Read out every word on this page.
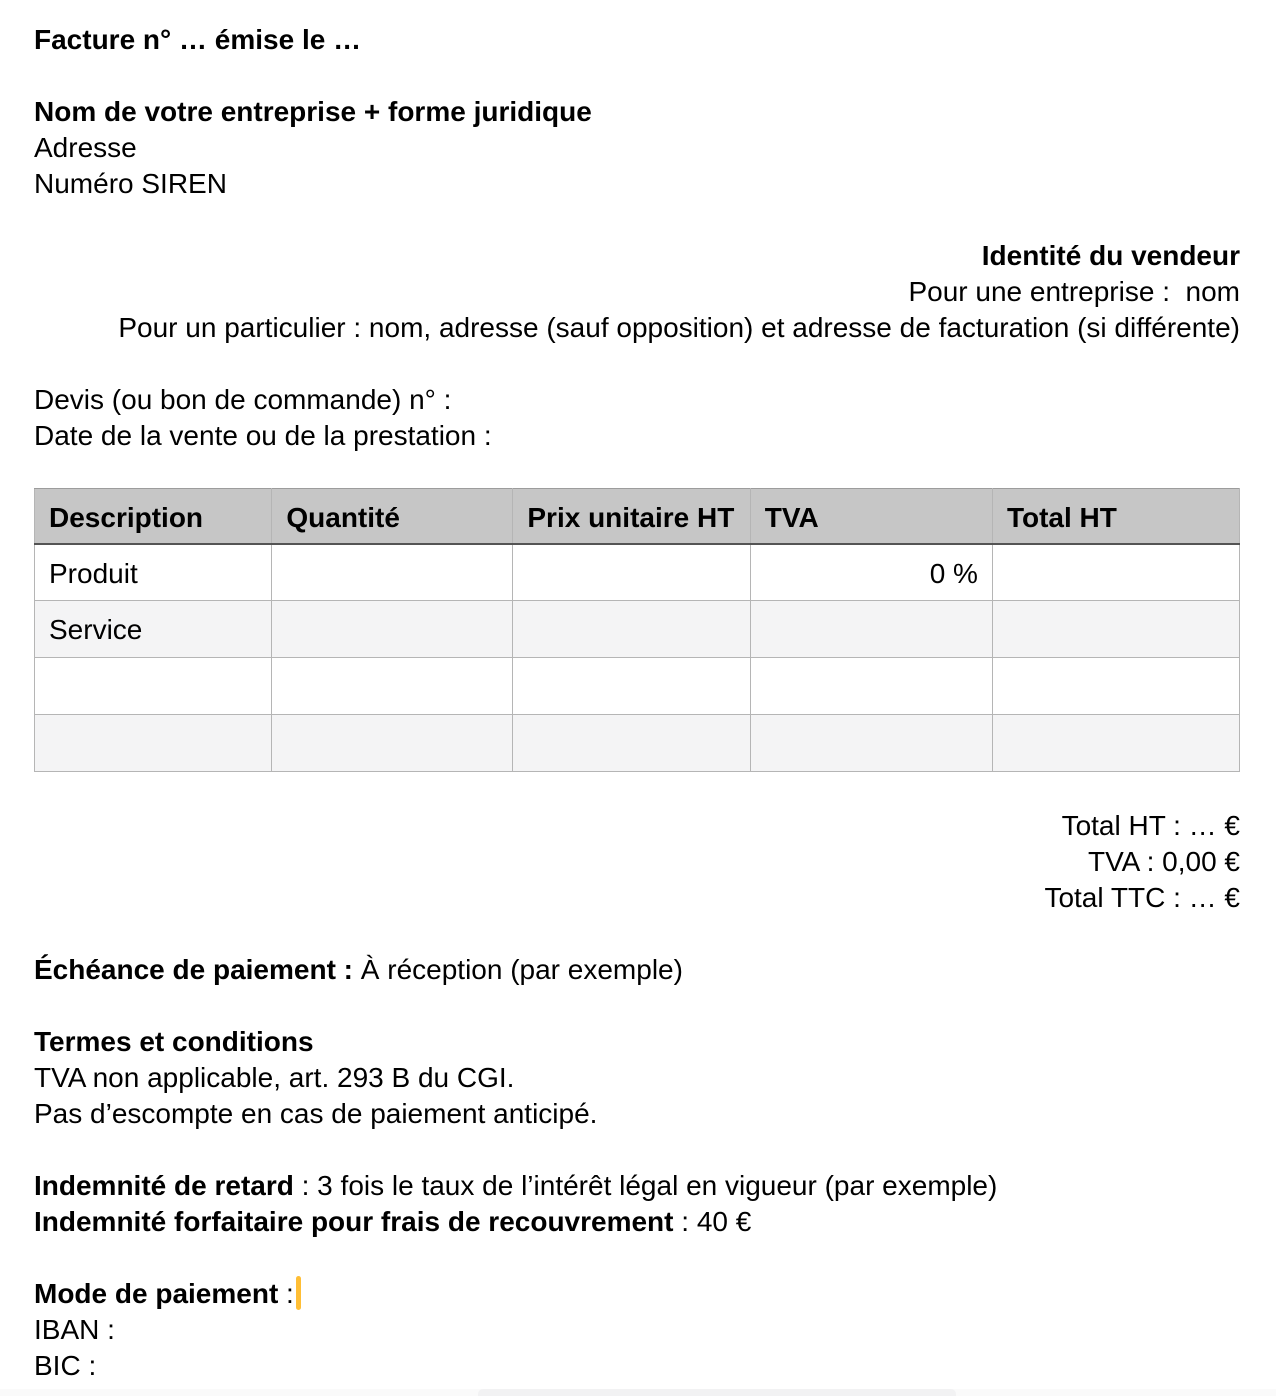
Facture n° … émise le …
Nom de votre entreprise + forme juridique
Adresse
Numéro SIREN
Identité du vendeur
Pour une entreprise :  nom
Pour un particulier : nom, adresse (sauf opposition) et adresse de facturation (si différente)
Devis (ou bon de commande) n° :
Date de la vente ou de la prestation :
Description	Quantité	Prix unitaire HT	TVA	Total HT
Produit			0 %	
Service				

Total HT : … €
TVA : 0,00 €
Total TTC : … €
Échéance de paiement : À réception (par exemple)
Termes et conditions
TVA non applicable, art. 293 B du CGI.
Pas d’escompte en cas de paiement anticipé.
Indemnité de retard : 3 fois le taux de l’intérêt légal en vigueur (par exemple)
Indemnité forfaitaire pour frais de recouvrement : 40 €
Mode de paiement :
IBAN :
BIC :
